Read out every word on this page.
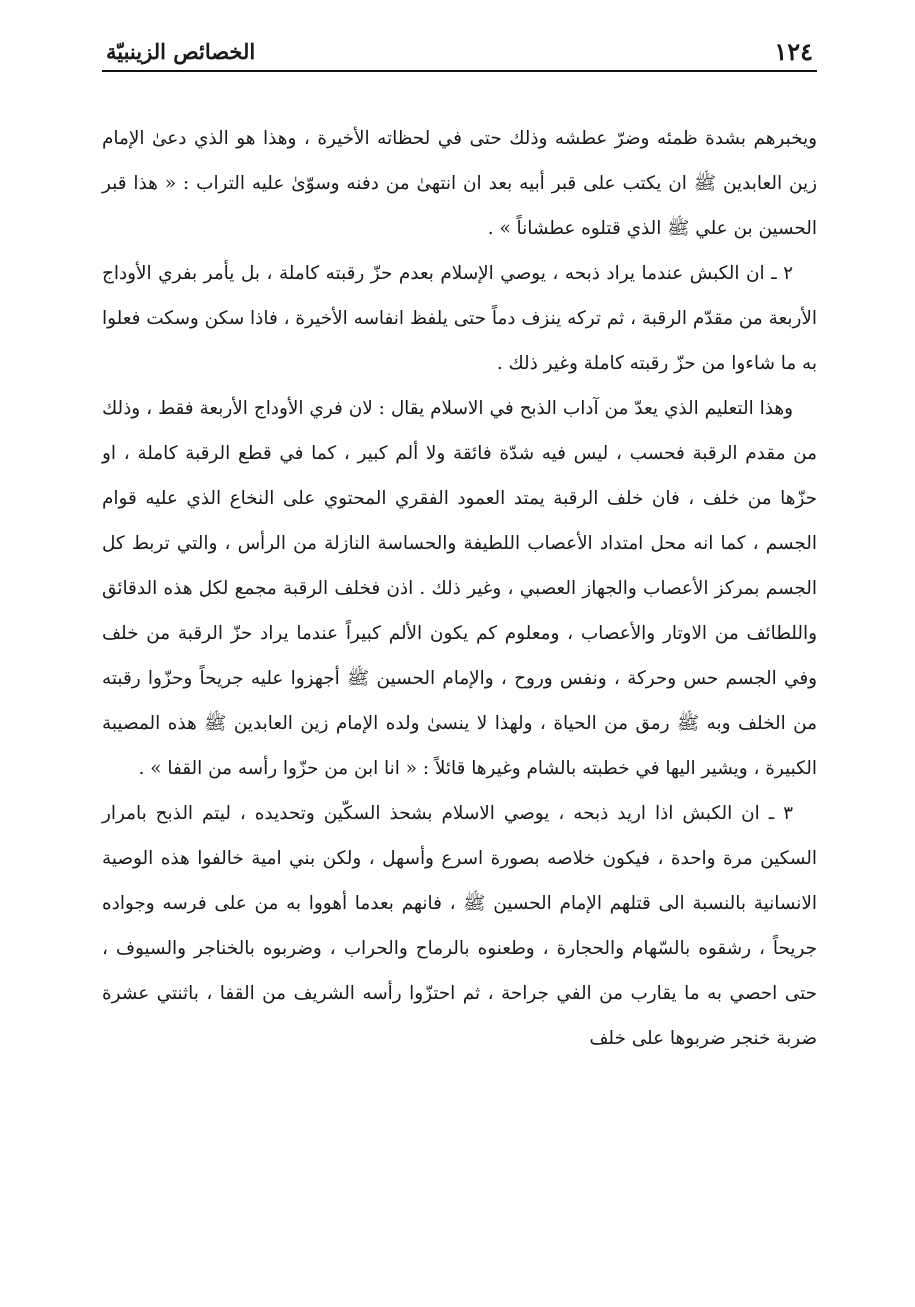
١٢٤
الخصائص الزينبيّة

ويخبرهم بشدة ظمئه وضرّ عطشه وذلك حتى في لحظاته الأخيرة ، وهذا هو الذي دعىٰ الإمام زين العابدين ﷺ ان يكتب على قبر أبيه بعد ان انتهىٰ من دفنه وسوّىٰ عليه التراب : « هذا قبر الحسين بن علي ﷺ الذي قتلوه عطشاناً » .

٢ ـ ان الكبش عندما يراد ذبحه ، يوصي الإسلام بعدم حزّ رقبته كاملة ، بل يأمر بفري الأوداج الأربعة من مقدّم الرقبة ، ثم تركه ينزف دماً حتى يلفظ انفاسه الأخيرة ، فاذا سكن وسكت فعلوا به ما شاءوا من حزّ رقبته كاملة وغير ذلك .

وهذا التعليم الذي يعدّ من آداب الذبح في الاسلام يقال : لان فري الأوداج الأربعة فقط ، وذلك من مقدم الرقبة فحسب ، ليس فيه شدّة فائقة ولا ألم كبير ، كما في قطع الرقبة كاملة ، او حزّها من خلف ، فان خلف الرقبة يمتد العمود الفقري المحتوي على النخاع الذي عليه قوام الجسم ، كما انه محل امتداد الأعصاب اللطيفة والحساسة النازلة من الرأس ، والتي تربط كل الجسم بمركز الأعصاب والجهاز العصبي ، وغير ذلك . اذن فخلف الرقبة مجمع لكل هذه الدقائق واللطائف من الاوتار والأعصاب ، ومعلوم كم يكون الألم كبيراً عندما يراد حزّ الرقبة من خلف وفي الجسم حس وحركة ، ونفس وروح ، والإمام الحسين ﷺ أجهزوا عليه جريحاً وحزّوا رقبته من الخلف وبه ﷺ رمق من الحياة ، ولهذا لا ينسىٰ ولده الإمام زين العابدين ﷺ هذه المصيبة الكبيرة ، ويشير اليها في خطبته بالشام وغيرها قائلاً : « انا ابن من حزّوا رأسه من القفا » .

٣ ـ ان الكبش اذا اريد ذبحه ، يوصي الاسلام بشحذ السكّين وتحديده ، ليتم الذبح بامرار السكين مرة واحدة ، فيكون خلاصه بصورة اسرع وأسهل ، ولكن بني امية خالفوا هذه الوصية الانسانية بالنسبة الى قتلهم الإمام الحسين ﷺ ، فانهم بعدما أهووا به من على فرسه وجواده جريحاً ، رشقوه بالسّهام والحجارة ، وطعنوه بالرماح والحراب ، وضربوه بالخناجر والسيوف ، حتى احصي به ما يقارب من الفي جراحة ، ثم احتزّوا رأسه الشريف من القفا ، باثنتي عشرة ضربة خنجر ضربوها على خلف
